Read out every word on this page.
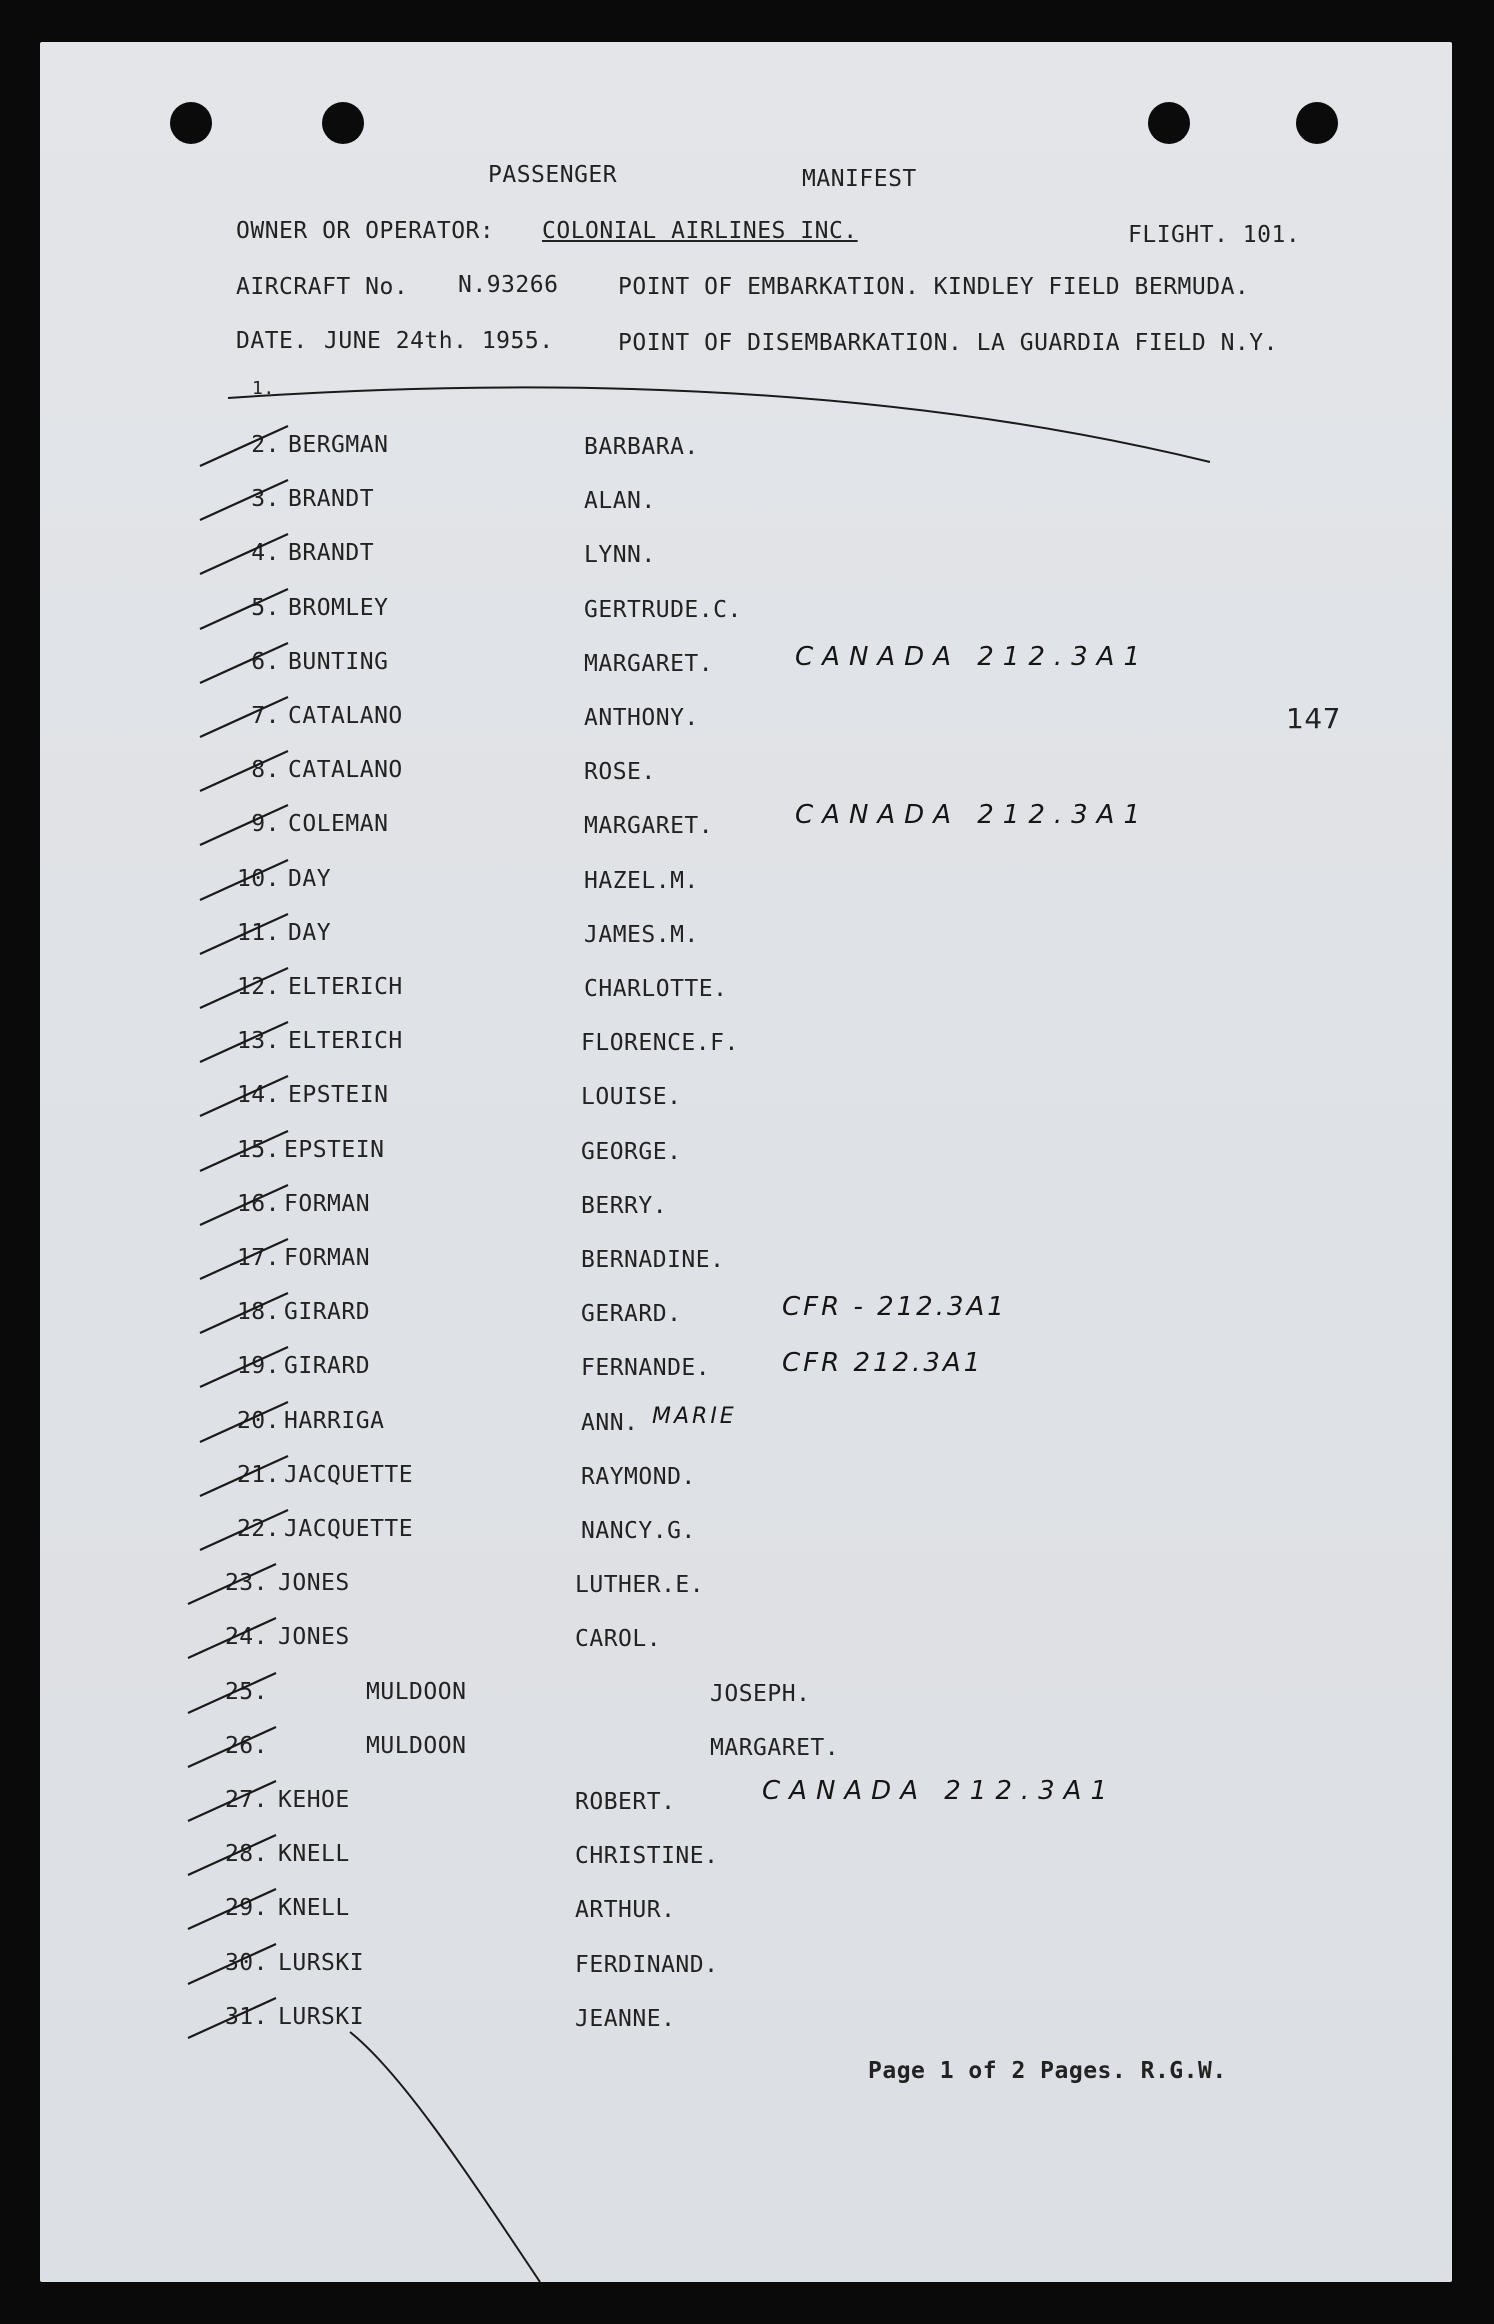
PASSENGER	MANIFEST
OWNER OR OPERATOR: COLONIAL AIRLINES INC.	FLIGHT. 101.
AIRCRAFT No. N.93266	POINT OF EMBARKATION. KINDLEY FIELD BERMUDA.
DATE. JUNE 24th. 1955.	POINT OF DISEMBARKATION. LA GUARDIA FIELD N.Y.
1.
2. BERGMAN	BARBARA.
3. BRANDT	ALAN.
4. BRANDT	LYNN.
5. BROMLEY	GERTRUDE.C.
6. BUNTING	MARGARET.
7. CATALANO	ANTHONY.
8. CATALANO	ROSE.
9. COLEMAN	MARGARET.
10. DAY	HAZEL.M.
11. DAY	JAMES.M.
12. ELTERICH	CHARLOTTE.
13. ELTERICH	FLORENCE.F.
14. EPSTEIN	LOUISE.
15. EPSTEIN	GEORGE.
16. FORMAN	BERRY.
17. FORMAN	BERNADINE.
18. GIRARD	GERARD.
19. GIRARD	FERNANDE.
20. HARRIGA	ANN.
21. JACQUETTE	RAYMOND.
22. JACQUETTE	NANCY.G.
23. JONES	LUTHER.E.
24. JONES	CAROL.
25.	MULDOON	JOSEPH.
26.	MULDOON	MARGARET.
27. KEHOE	ROBERT.
28. KNELL	CHRISTINE.
29. KNELL	ARTHUR.
30. LURSKI	FERDINAND.
31. LURSKI	JEANNE.
CANADA 212.3A1
CANADA 212.3A1
CFR - 212.3A1
CFR 212.3A1
MARIE
CANADA 212.3A1
147
Page 1 of 2 Pages. R.G.W.
